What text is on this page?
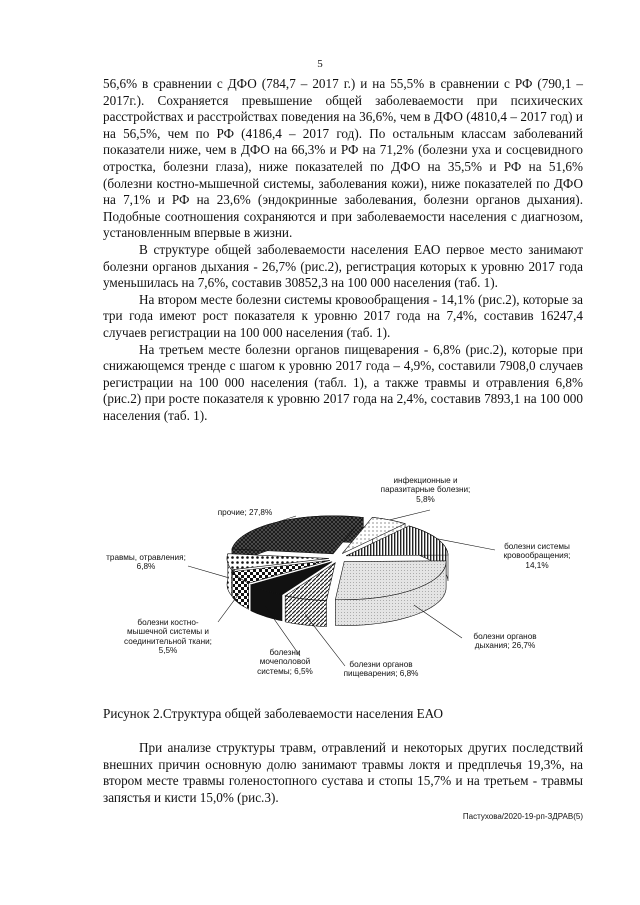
5

56,6% в сравнении с ДФО (784,7 – 2017 г.) и на 55,5% в сравнении с РФ (790,1 – 2017г.). Сохраняется превышение общей заболеваемости при психических расстройствах и расстройствах поведения на 36,6%, чем в ДФО (4810,4 – 2017 год) и на 56,5%, чем по РФ (4186,4 – 2017 год). По остальным классам заболеваний показатели ниже, чем в ДФО на 66,3% и РФ на 71,2% (болезни уха и сосцевидного отростка, болезни глаза), ниже показателей по ДФО на 35,5% и РФ на 51,6% (болезни костно-мышечной системы, заболевания кожи), ниже показателей по ДФО на 7,1% и РФ на 23,6% (эндокринные заболевания, болезни органов дыхания). Подобные соотношения сохраняются и при заболеваемости населения с диагнозом, установленным впервые в жизни.

В структуре общей заболеваемости населения ЕАО первое место занимают болезни органов дыхания - 26,7% (рис.2), регистрация которых к уровню 2017 года уменьшилась на 7,6%, составив 30852,3 на 100 000 населения (таб. 1).

На втором месте болезни системы кровообращения - 14,1% (рис.2), которые за три года имеют рост показателя к уровню 2017 года на 7,4%, составив 16247,4 случаев регистрации на 100 000 населения (таб. 1).

На третьем месте болезни органов пищеварения - 6,8% (рис.2), которые при снижающемся тренде с шагом к уровню 2017 года – 4,9%, составили 7908,0 случаев регистрации на 100 000 населения (табл. 1), а также травмы и отравления 6,8% (рис.2) при росте показателя к уровню 2017 года на 2,4%, составив 7893,1 на 100 000 населения (таб. 1).

инфекционные и паразитарные болезни; 5,8%
болезни системы кровообращения; 14,1%
болезни органов дыхания; 26,7%
болезни органов пищеварения; 6,8%
болезни мочеполовой системы; 6,5%
болезни костно-мышечной системы и соединительной ткани; 5,5%
травмы, отравления; 6,8%
прочие; 27,8%
Рисунок 2.Структура общей заболеваемости населения ЕАО
При анализе структуры травм, отравлений и некоторых других последствий внешних причин основную долю занимают травмы локтя и предплечья 19,3%, на втором месте травмы голеностопного сустава и стопы 15,7% и на третьем - травмы запястья и кисти 15,0% (рис.3).
Пастухова/2020-19-рп-ЗДРАВ(5)
